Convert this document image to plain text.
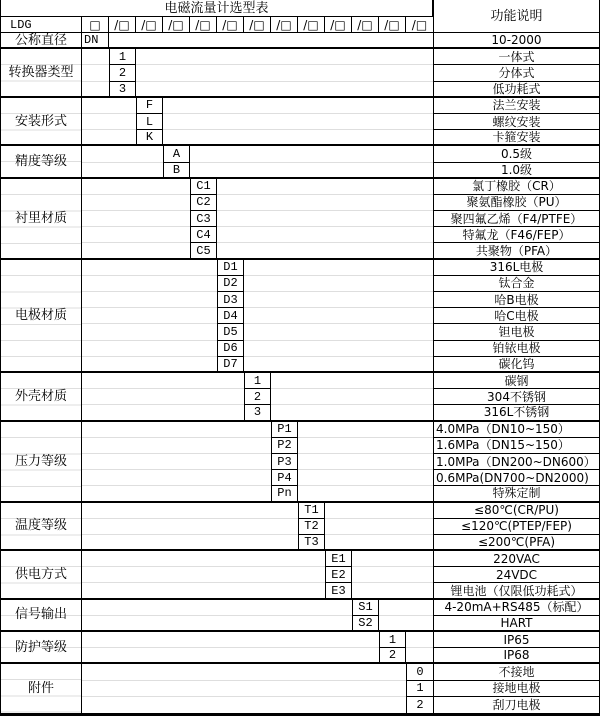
电磁流量计选型表
功能说明
LDG	□	/□ /□ /□ /□ /□ /□ /□ /□ /□ /□ /□	/□
公称直径	DN	10-2000
转换器类型
1	一体式
2	分体式
3	低功耗式
安装形式
F	法兰安装
L	螺纹安装
K	卡箍安装
精度等级
A	0.5级
B	1.0级
衬里材质
C1	氯丁橡胶（CR）
C2	聚氨酯橡胶（PU）
C3	聚四氟乙烯（F4/PTFE）
C4	特氟龙（F46/FEP）
C5	共聚物（PFA）
电极材质
D1	316L电极
D2	钛合金
D3	哈B电极
D4	哈C电极
D5	钽电极
D6	铂铱电极
D7	碳化钨
外壳材质
1	碳钢
2	304不锈钢
3	316L不锈钢
压力等级
P1	4.0MPa（DN10~150）
P2	1.6MPa（DN15~150）
P3	1.0MPa（DN200~DN600）
P4	0.6MPa(DN700~DN2000)
Pn	特殊定制
温度等级
T1	≤80℃(CR/PU)
T2	≤120℃(PTEP/FEP)
T3	≤200℃(PFA)
供电方式
E1	220VAC
E2	24VDC
E3	锂电池（仅限低功耗式）
信号输出
S1	4-20mA+RS485（标配）
S2	HART
防护等级
1	IP65
2	IP68
附件
0	不接地
1	接地电极
2	刮刀电极
